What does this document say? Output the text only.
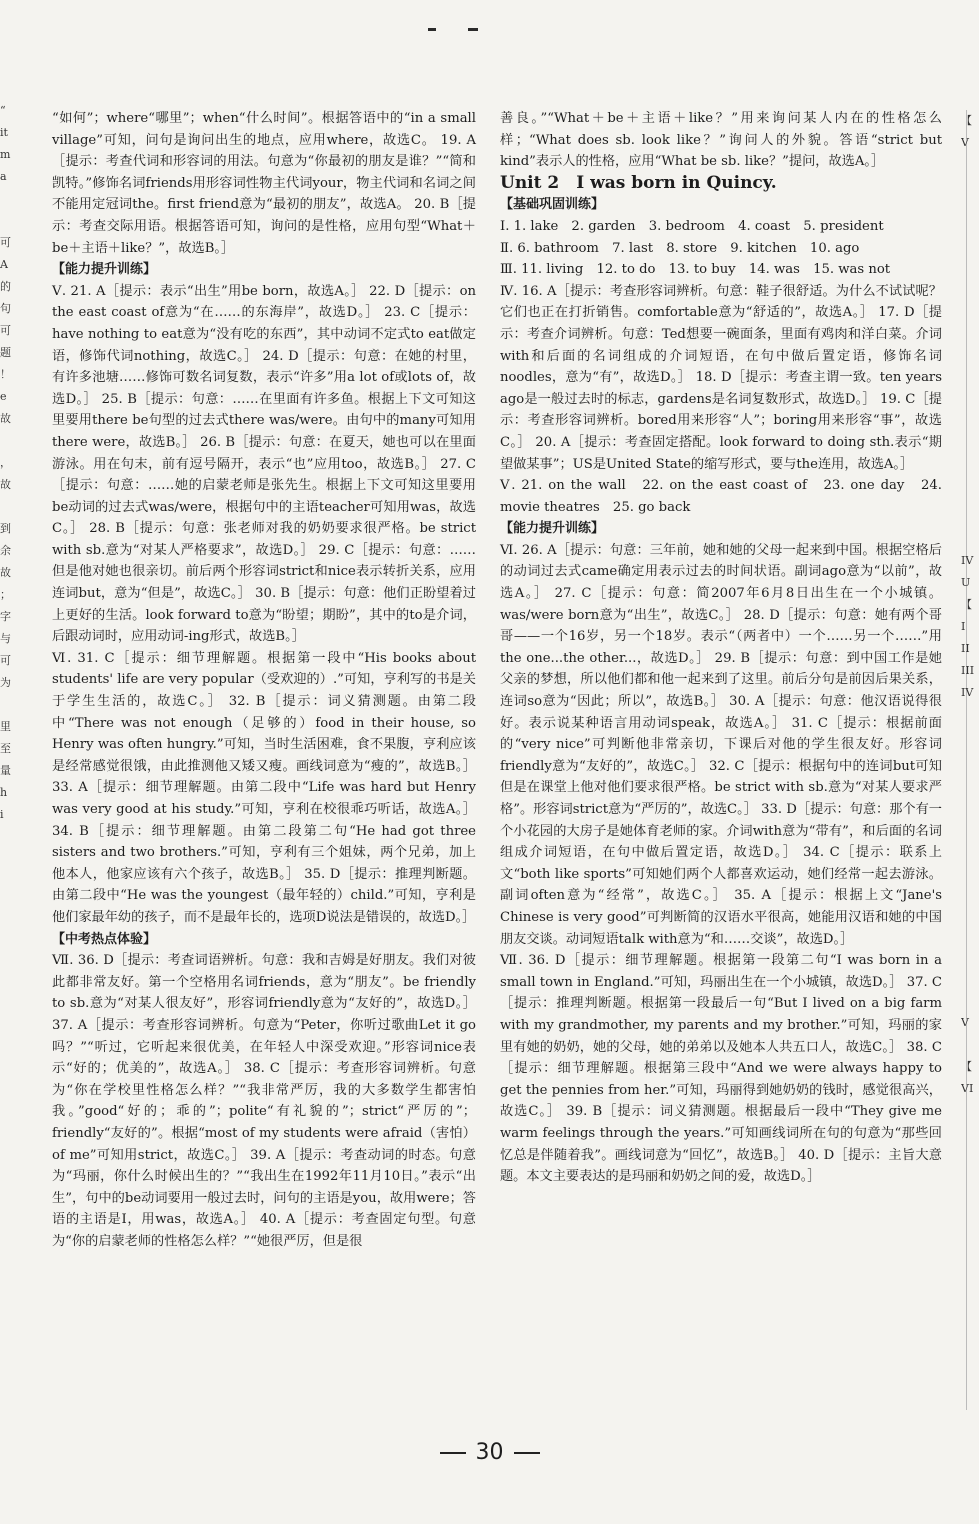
“
it
m
a

可
A
的
句
可
题
！
e
故

，
故

到
余
故
；
字
与
可
为

里
至
量
h
i

“如何”；where“哪里”；when“什么时间”。根据答语中的“in a small village”可知，问句是询问出生的地点，应用where，故选C。 19. A［提示：考查代词和形容词的用法。句意为“你最初的朋友是谁？”“简和凯特。”修饰名词friends用形容词性物主代词your，物主代词和名词之间不能用定冠词the。first friend意为“最初的朋友”，故选A。 20. B［提示：考查交际用语。根据答语可知，询问的是性格，应用句型“What＋be＋主语＋like？”，故选B。］

【能力提升训练】

Ⅴ. 21. A［提示：表示“出生”用be born，故选A。］ 22. D［提示：on the east coast of意为“在……的东海岸”，故选D。］ 23. C［提示：have nothing to eat意为“没有吃的东西”，其中动词不定式to eat做定语，修饰代词nothing，故选C。］ 24. D［提示：句意：在她的村里，有许多池塘……修饰可数名词复数，表示“许多”用a lot of或lots of，故选D。］ 25. B［提示：句意：……在里面有许多鱼。根据上下文可知这里要用there be句型的过去式there was/were。由句中的many可知用there were，故选B。］ 26. B［提示：句意：在夏天，她也可以在里面游泳。用在句末，前有逗号隔开，表示“也”应用too，故选B。］ 27. C［提示：句意：……她的启蒙老师是张先生。根据上下文可知这里要用be动词的过去式was/were，根据句中的主语teacher可知用was，故选C。］ 28. B［提示：句意：张老师对我的奶奶要求很严格。be strict with sb.意为“对某人严格要求”，故选D。］ 29. C［提示：句意：……但是他对她也很亲切。前后两个形容词strict和nice表示转折关系，应用连词but，意为“但是”，故选C。］ 30. B［提示：句意：他们正盼望着过上更好的生活。look forward to意为“盼望；期盼”，其中的to是介词，后跟动词时，应用动词-ing形式，故选B。］

Ⅵ. 31. C［提示：细节理解题。根据第一段中“His books about students' life are very popular（受欢迎的）.”可知，亨利写的书是关于学生生活的，故选C。］ 32. B［提示：词义猜测题。由第二段中“There was not enough（足够的）food in their house, so Henry was often hungry.”可知，当时生活困难，食不果腹，亨利应该是经常感觉很饿，由此推测他又矮又瘦。画线词意为“瘦的”，故选B。］ 33. A［提示：细节理解题。由第二段中“Life was hard but Henry was very good at his study.”可知，亨利在校很乖巧听话，故选A。］ 34. B［提示：细节理解题。由第二段第二句“He had got three sisters and two brothers.”可知，亨利有三个姐妹，两个兄弟，加上他本人，他家应该有六个孩子，故选B。］ 35. D［提示：推理判断题。由第二段中“He was the youngest（最年轻的）child.”可知，亨利是他们家最年幼的孩子，而不是最年长的，选项D说法是错误的，故选D。］

【中考热点体验】

Ⅶ. 36. D［提示：考查词语辨析。句意：我和吉姆是好朋友。我们对彼此都非常友好。第一个空格用名词friends，意为“朋友”。be friendly to sb.意为“对某人很友好”，形容词friendly意为“友好的”，故选D。］ 37. A［提示：考查形容词辨析。句意为“Peter，你听过歌曲Let it go吗？”“听过，它听起来很优美，在年轻人中深受欢迎。”形容词nice表示“好的；优美的”，故选A。］ 38. C［提示：考查形容词辨析。句意为“你在学校里性格怎么样？”“我非常严厉，我的大多数学生都害怕我。”good“好的；乖的”；polite“有礼貌的”；strict“严厉的”；friendly“友好的”。根据“most of my students were afraid（害怕）of me”可知用strict，故选C。］ 39. A［提示：考查动词的时态。句意为“玛丽，你什么时候出生的？”“我出生在1992年11月10日。”表示“出生”，句中的be动词要用一般过去时，问句的主语是you，故用were；答语的主语是I，用was，故选A。］ 40. A［提示：考查固定句型。句意为“你的启蒙老师的性格怎么样？”“她很严厉，但是很

善良。”“What＋be＋主语＋like？”用来询问某人内在的性格怎么样；“What does sb. look like？”询问人的外貌。答语“strict but kind”表示人的性格，应用“What be sb. like？”提问，故选A。］

Unit 2　I was born in Quincy.

【基础巩固训练】

Ⅰ. 1. lake　2. garden　3. bedroom　4. coast　5. president

Ⅱ. 6. bathroom　7. last　8. store　9. kitchen　10. ago

Ⅲ. 11. living　12. to do　13. to buy　14. was　15. was not

Ⅳ. 16. A［提示：考查形容词辨析。句意：鞋子很舒适。为什么不试试呢？它们也正在打折销售。comfortable意为“舒适的”，故选A。］ 17. D［提示：考查介词辨析。句意：Ted想要一碗面条，里面有鸡肉和洋白菜。介词with和后面的名词组成的介词短语，在句中做后置定语，修饰名词noodles，意为“有”，故选D。］ 18. D［提示：考查主谓一致。ten years ago是一般过去时的标志，gardens是名词复数形式，故选D。］ 19. C［提示：考查形容词辨析。bored用来形容“人”；boring用来形容“事”，故选C。］ 20. A［提示：考查固定搭配。look forward to doing sth.表示“期望做某事”；US是United State的缩写形式，要与the连用，故选A。］

Ⅴ. 21. on the wall　22. on the east coast of　23. one day　24. movie theatres　25. go back

【能力提升训练】

Ⅵ. 26. A［提示：句意：三年前，她和她的父母一起来到中国。根据空格后的动词过去式came确定用表示过去的时间状语。副词ago意为“以前”，故选A。］ 27. C［提示：句意：简2007年6月8日出生在一个小城镇。was/were born意为“出生”，故选C。］ 28. D［提示：句意：她有两个哥哥——一个16岁，另一个18岁。表示“（两者中）一个……另一个……”用the one...the other...，故选D。］ 29. B［提示：句意：到中国工作是她父亲的梦想，所以他们都和他一起来到了这里。前后分句是前因后果关系，连词so意为“因此；所以”，故选B。］ 30. A［提示：句意：他汉语说得很好。表示说某种语言用动词speak，故选A。］ 31. C［提示：根据前面的“very nice”可判断他非常亲切，下课后对他的学生很友好。形容词friendly意为“友好的”，故选C。］ 32. C［提示：根据句中的连词but可知但是在课堂上他对他们要求很严格。be strict with sb.意为“对某人要求严格”。形容词strict意为“严厉的”，故选C。］ 33. D［提示：句意：那个有一个小花园的大房子是她体育老师的家。介词with意为“带有”，和后面的名词组成介词短语，在句中做后置定语，故选D。］ 34. C［提示：联系上文“both like sports”可知她们两个人都喜欢运动，她们经常一起去游泳。副词often意为“经常”，故选C。］ 35. A［提示：根据上文“Jane's Chinese is very good”可判断简的汉语水平很高，她能用汉语和她的中国朋友交谈。动词短语talk with意为“和……交谈”，故选D。］

Ⅶ. 36. D［提示：细节理解题。根据第一段第二句“I was born in a small town in England.”可知，玛丽出生在一个小城镇，故选D。］ 37. C［提示：推理判断题。根据第一段最后一句“But I lived on a big farm with my grandmother, my parents and my brother.”可知，玛丽的家里有她的奶奶，她的父母，她的弟弟以及她本人共五口人，故选C。］ 38. C［提示：细节理解题。根据第三段中“And we were always happy to get the pennies from her.”可知，玛丽得到她奶奶的钱时，感觉很高兴，故选C。］ 39. B［提示：词义猜测题。根据最后一段中“They give me warm feelings through the years.”可知画线词所在句的句意为“那些回忆总是伴随着我”。画线词意为“回忆”，故选B。］ 40. D［提示：主旨大意题。本文主要表达的是玛丽和奶奶之间的爱，故选D。］

【
V

IV
U
【
I
II
III
IV

V

【
VI
30
